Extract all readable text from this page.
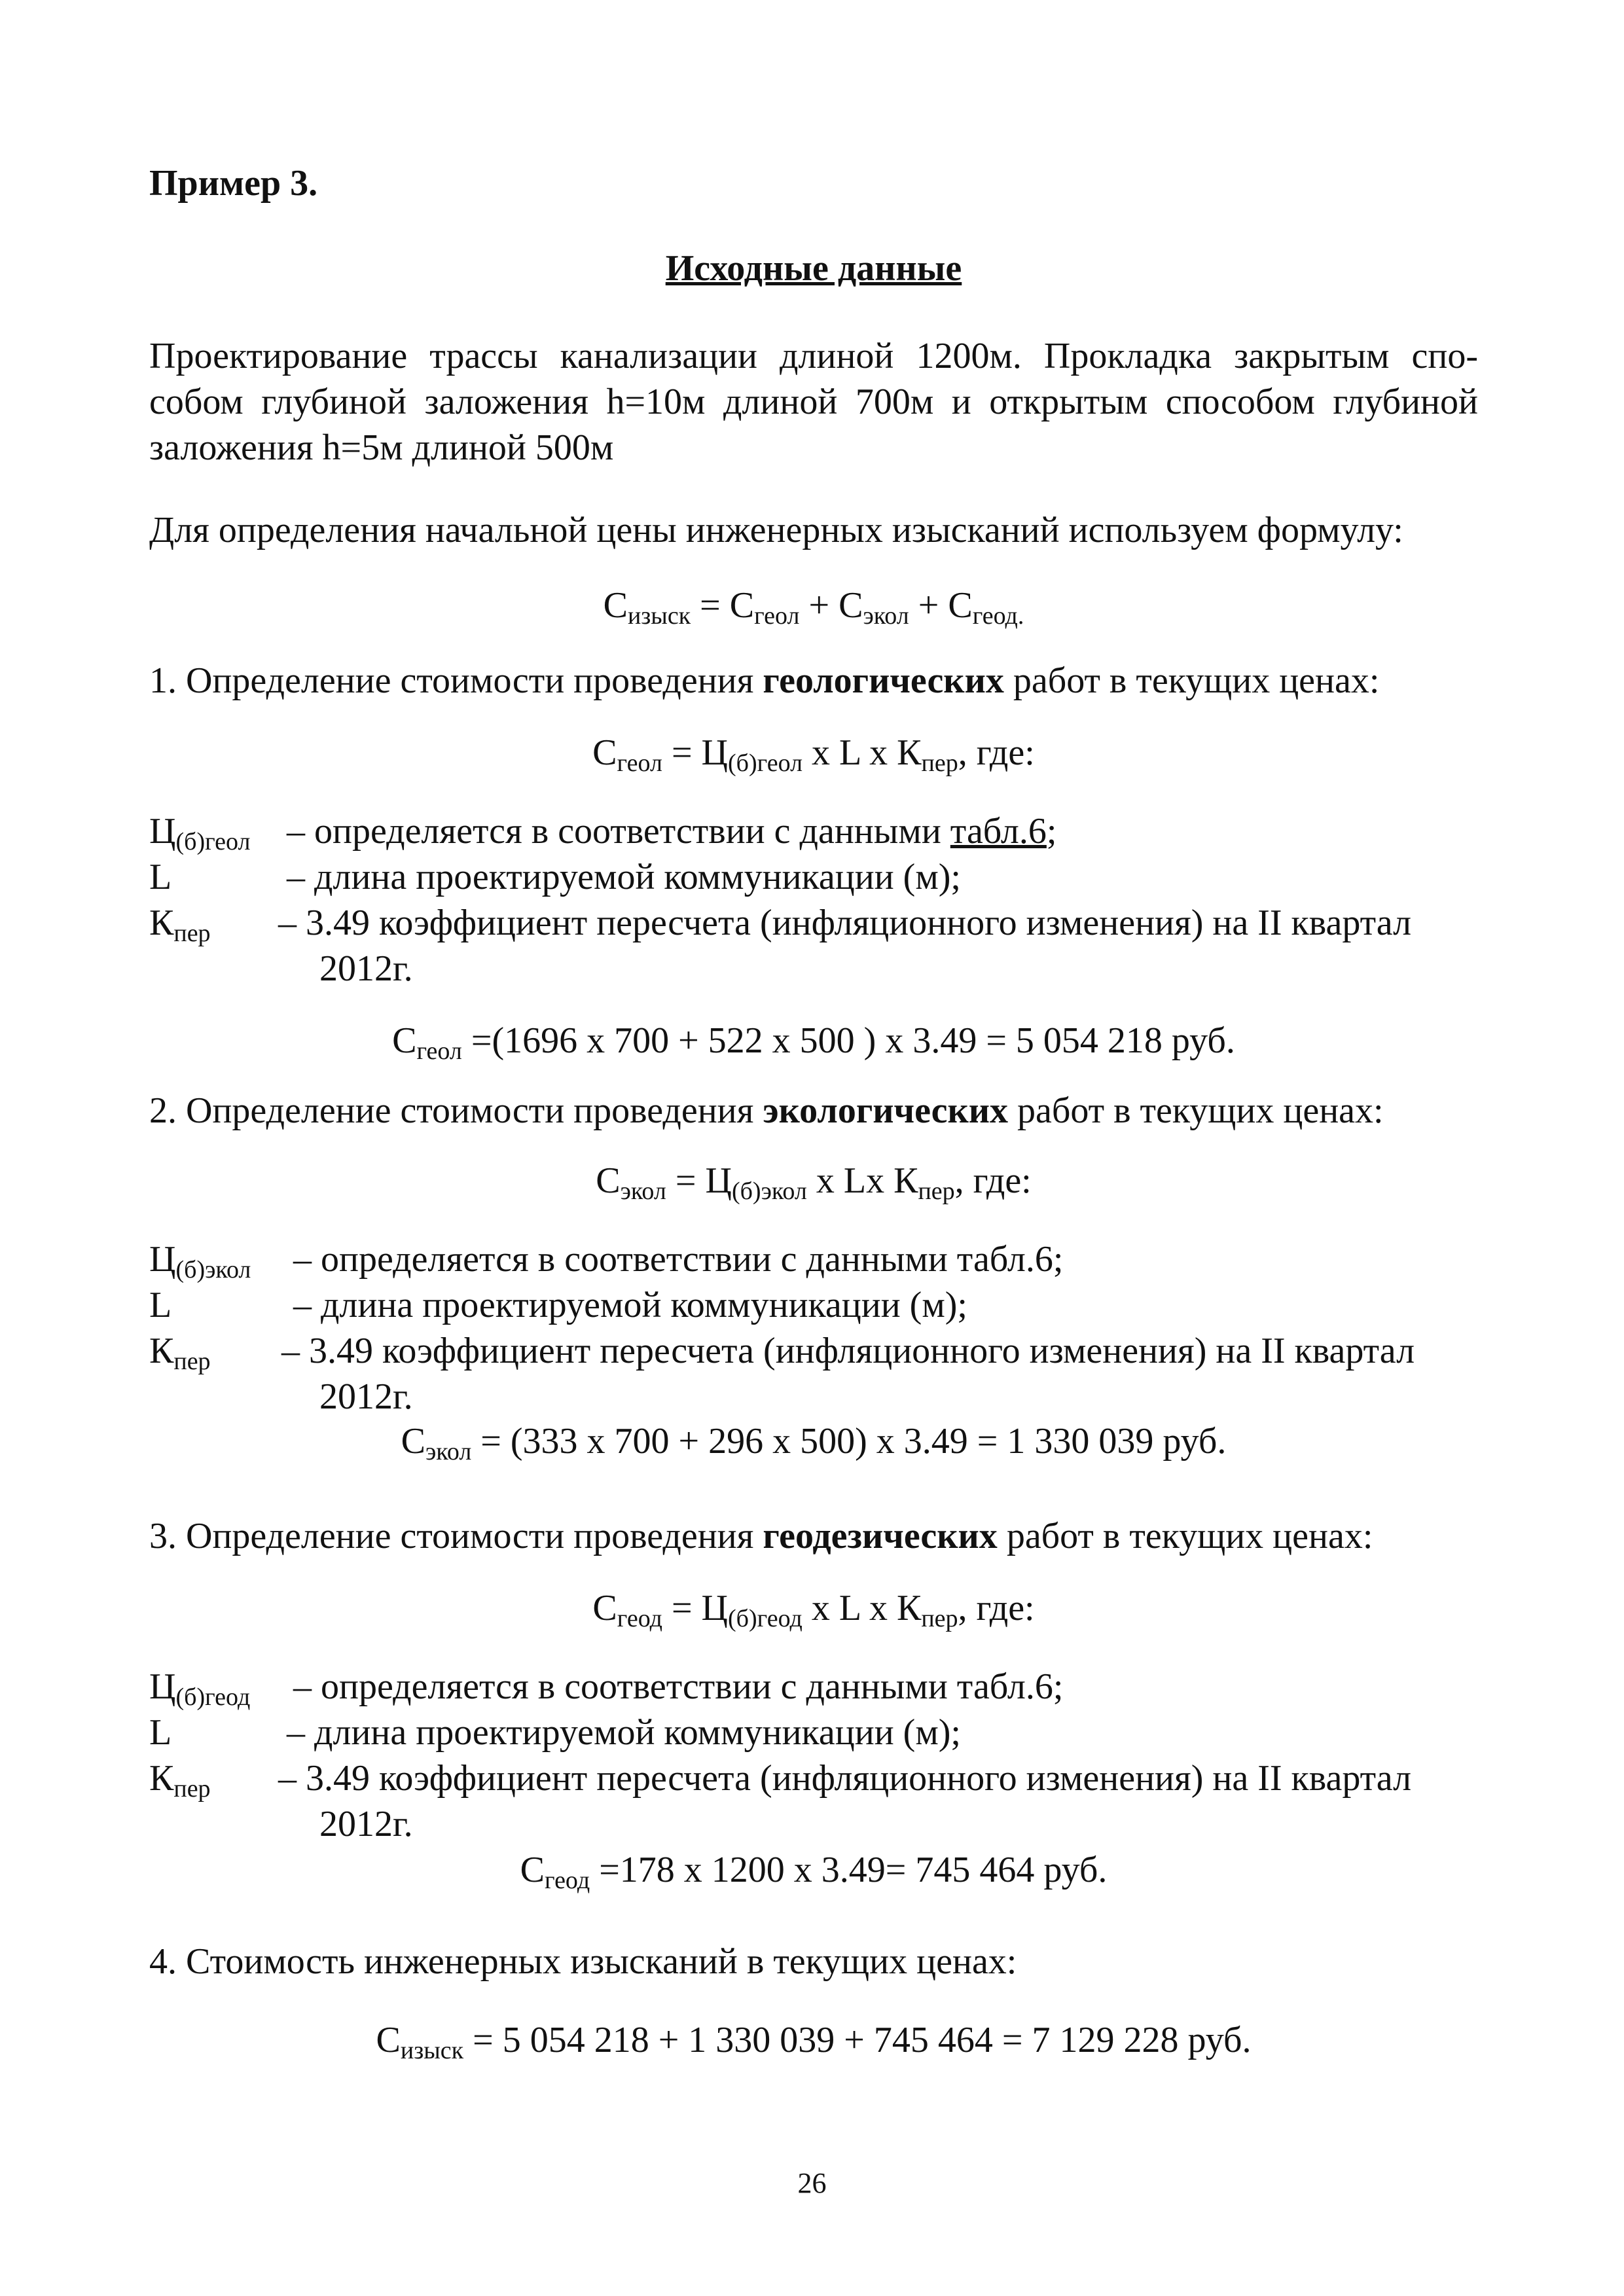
Пример 3.
Исходные данные
Проектирование трассы канализации длиной 1200м. Прокладка закрытым спо-
собом глубиной заложения h=10м длиной 700м и открытым способом глубиной
заложения h=5м длиной 500м
Для определения начальной цены инженерных изысканий используем формулу:
$С_{изыск} = С_{геол} + С_{экол} + С_{геод.}$
1. Определение стоимости проведения геологических работ в текущих ценах:
$С_{геол} = Ц_{(б)геол}$ х L х $К_{пер}$, где:
$Ц_{(б)геол}$ – определяется в соответствии с данными табл.6;
L	– длина проектируемой коммуникации (м);
$К_{пер} - 3.49$ коэффициент пересчета (инфляционного изменения) на II квартал
2012г.
$С_{геол} =(1696$ х 700 + 522 х 500 ) х 3.49 = 5 054 218 руб.
2. Определение стоимости проведения экологических работ в текущих ценах:
$С_{экол} = Ц_{(б)экол}$ х Lх $К_{пер}$, где:
$Ц_{(б)экол}$ – определяется в соответствии с данными табл.6;
L	– длина проектируемой коммуникации (м);
$К_{пер} - 3.49$ коэффициент пересчета (инфляционного изменения) на II квартал
2012г.
$С_{экол} = (333$ х 700 + 296 х 500) х 3.49 = 1 330 039 руб.
3. Определение стоимости проведения геодезических работ в текущих ценах:
$С_{геод} = Ц_{(б)геод}$ х L х $К_{пер}$, где:
$Ц_{(б)геод}$ – определяется в соответствии с данными табл.6;
L	– длина проектируемой коммуникации (м);
$К_{пер} - 3.49$ коэффициент пересчета (инфляционного изменения) на II квартал
2012г.
$С_{геод} =178$ х 1200 х 3.49= 745 464 руб.
4. Стоимость инженерных изысканий в текущих ценах:
$С_{изыск} = 5$ 054 218 + 1 330 039 + 745 464 = 7 129 228 руб.
26
